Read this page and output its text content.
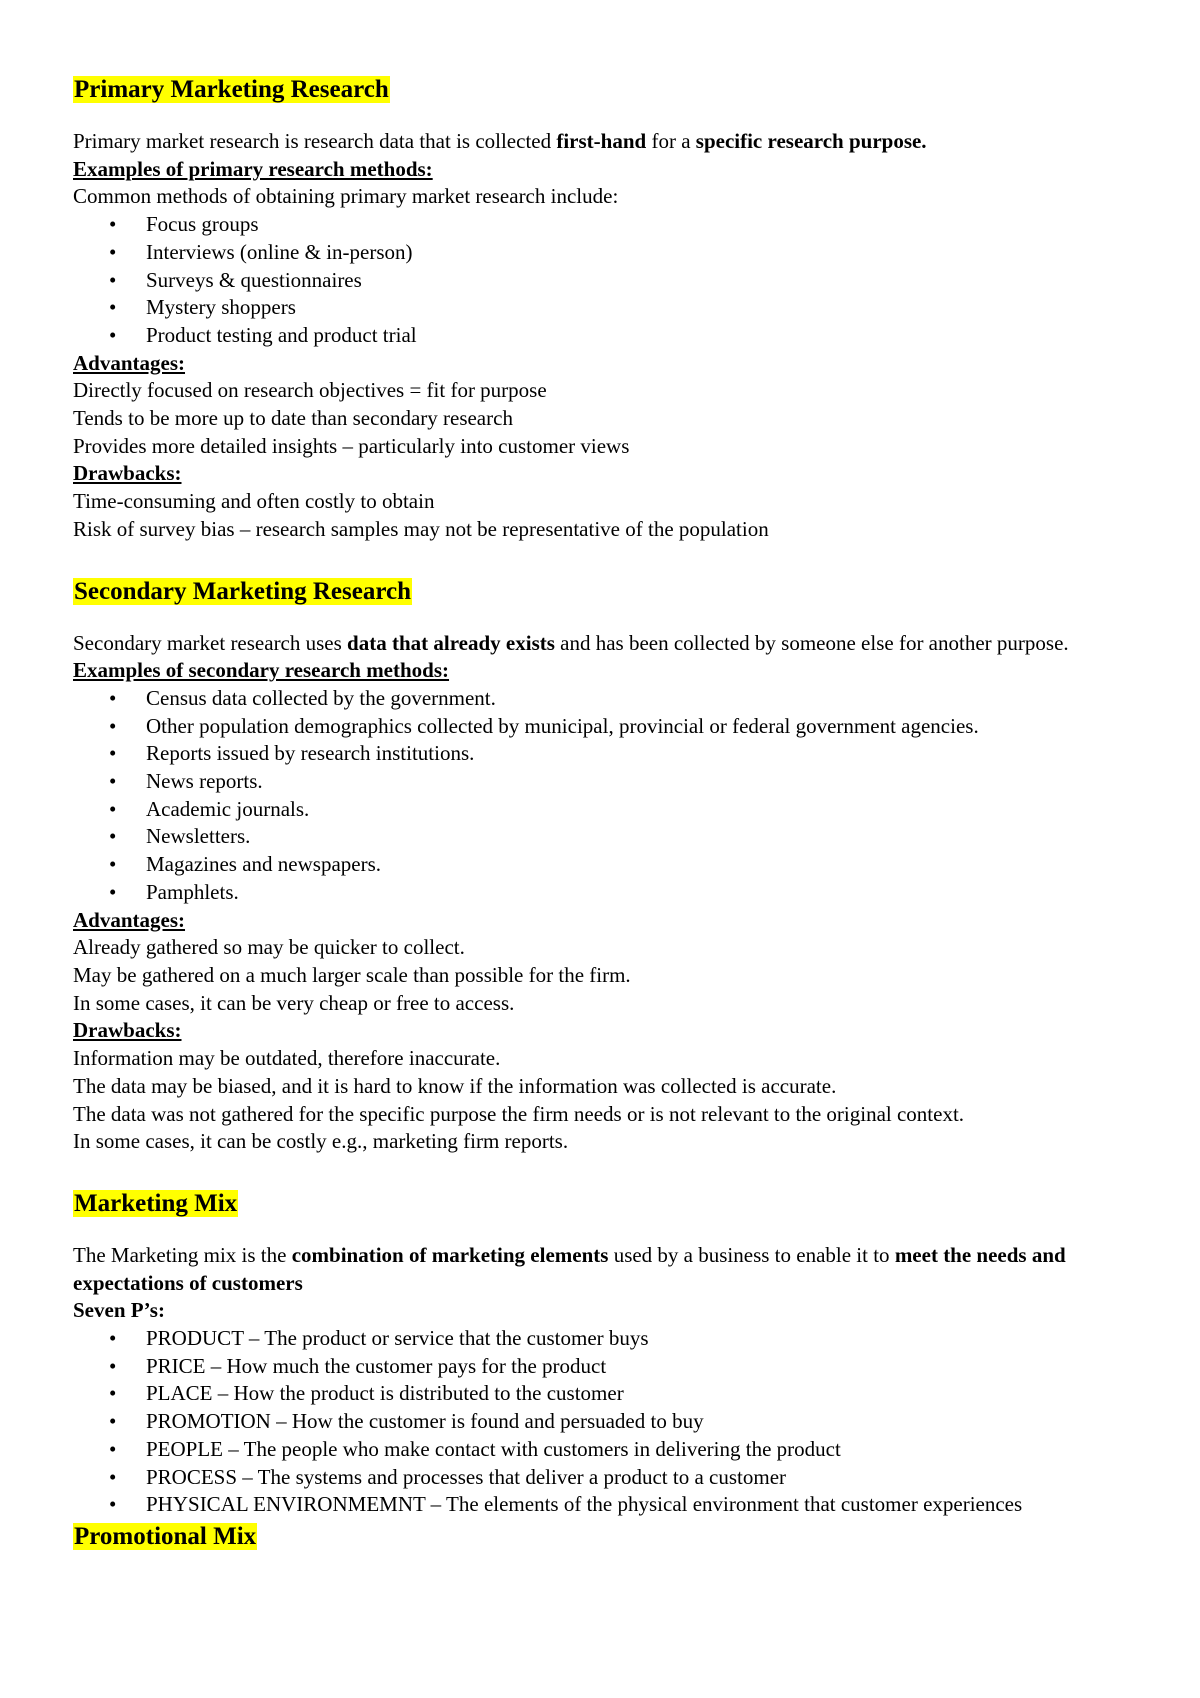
Primary Marketing Research

Primary market research is research data that is collected first-hand for a specific research purpose.

Examples of primary research methods:

Common methods of obtaining primary market research include:

• Focus groups
• Interviews (online & in-person)
• Surveys & questionnaires
• Mystery shoppers
• Product testing and product trial

Advantages:

Directly focused on research objectives = fit for purpose

Tends to be more up to date than secondary research

Provides more detailed insights – particularly into customer views

Drawbacks:

Time-consuming and often costly to obtain

Risk of survey bias – research samples may not be representative of the population

Secondary Marketing Research

Secondary market research uses data that already exists and has been collected by someone else for another purpose.

Examples of secondary research methods:

• Census data collected by the government.
• Other population demographics collected by municipal, provincial or federal government agencies.
• Reports issued by research institutions.
• News reports.
• Academic journals.
• Newsletters.
• Magazines and newspapers.
• Pamphlets.

Advantages:

Already gathered so may be quicker to collect.

May be gathered on a much larger scale than possible for the firm.

In some cases, it can be very cheap or free to access.

Drawbacks:

Information may be outdated, therefore inaccurate.

The data may be biased, and it is hard to know if the information was collected is accurate.

The data was not gathered for the specific purpose the firm needs or is not relevant to the original context.

In some cases, it can be costly e.g., marketing firm reports.

Marketing Mix

The Marketing mix is the combination of marketing elements used by a business to enable it to meet the needs and expectations of customers

Seven P’s:

• PRODUCT – The product or service that the customer buys
• PRICE – How much the customer pays for the product
• PLACE – How the product is distributed to the customer
• PROMOTION – How the customer is found and persuaded to buy
• PEOPLE – The people who make contact with customers in delivering the product
• PROCESS – The systems and processes that deliver a product to a customer
• PHYSICAL ENVIRONMEMNT – The elements of the physical environment that customer experiences
Promotional Mix
